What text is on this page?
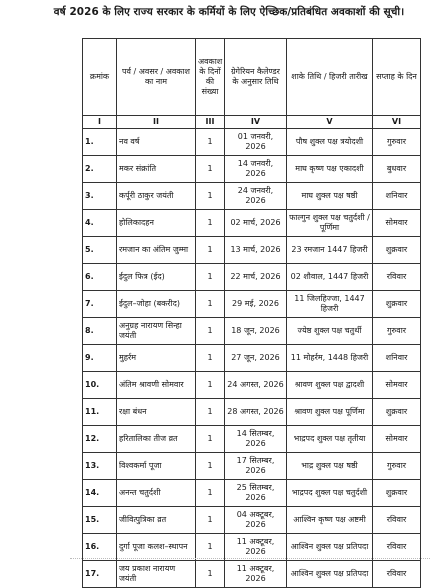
वर्ष 2026 के लिए राज्य सरकार के कर्मियों के लिए ऐच्छिक/प्रतिबंधित अवकाशों की सूची।
क्रमांक	पर्व / अवसर / अवकाश का नाम	अवकाश के दिनों की संख्या	ग्रेगेरियन कैलेण्डर के अनुसार तिथि	शाके तिथि / हिजरी तारीख	सप्ताह के दिन
I	II	III	IV	V	VI
1.	नव वर्ष	1	01 जनवरी, 2026	पौष शुक्ल पक्ष त्रयोदशी	गुरुवार
2.	मकर संक्रांति	1	14 जनवरी, 2026	माघ कृष्ण पक्ष एकादशी	बुधवार
3.	कर्पूरी ठाकुर जयंती	1	24 जनवरी, 2026	माघ शुक्ल पक्ष षष्ठी	शनिवार
4.	होलिकादहन	1	02 मार्च, 2026	फाल्गुन शुक्ल पक्ष चतुर्दशी / पूर्णिमा	सोमवार
5.	रमजान का अंतिम जुम्मा	1	13 मार्च, 2026	23 रमजान 1447 हिजरी	शुक्रवार
6.	ईदुल फित्र (ईद)	1	22 मार्च, 2026	02 शौवाल, 1447 हिजरी	रविवार
7.	ईदुल–जोहा (बकरीद)	1	29 मई, 2026	11 जिलहिज्जा, 1447 हिजरी	शुक्रवार
8.	अनुग्रह नारायण सिन्हा जयंती	1	18 जून, 2026	ज्येष्ठ शुक्ल पक्ष चतुर्थी	गुरुवार
9.	मुहर्रम	1	27 जून, 2026	11 मोहर्रम, 1448 हिजरी	शनिवार
10.	अंतिम श्रावणी सोमवार	1	24 अगस्त, 2026	श्रावण शुक्ल पक्ष द्वादशी	सोमवार
11.	रक्षा बंधन	1	28 अगस्त, 2026	श्रावण शुक्ल पक्ष पूर्णिमा	शुक्रवार
12.	हरितालिका तीज व्रत	1	14 सितम्बर, 2026	भाद्रपद शुक्ल पक्ष तृतीया	सोमवार
13.	विश्वकर्मा पूजा	1	17 सितम्बर, 2026	भाद्र शुक्ल पक्ष षष्ठी	गुरुवार
14.	अनन्त चतुर्दशी	1	25 सितम्बर, 2026	भाद्रपद शुक्ल पक्ष चतुर्दशी	शुक्रवार
15.	जीवित्पुत्रिका व्रत	1	04 अक्टूबर, 2026	आश्विन कृष्ण पक्ष अष्टमी	रविवार
16.	दुर्गा पूजा कलश–स्थापन	1	11 अक्टूबर, 2026	आश्विन शुक्ल पक्ष प्रतिपदा	रविवार
17.	जय प्रकाश नारायण जयंती	1	11 अक्टूबर, 2026	आश्विन शुक्ल पक्ष प्रतिपदा	रविवार
